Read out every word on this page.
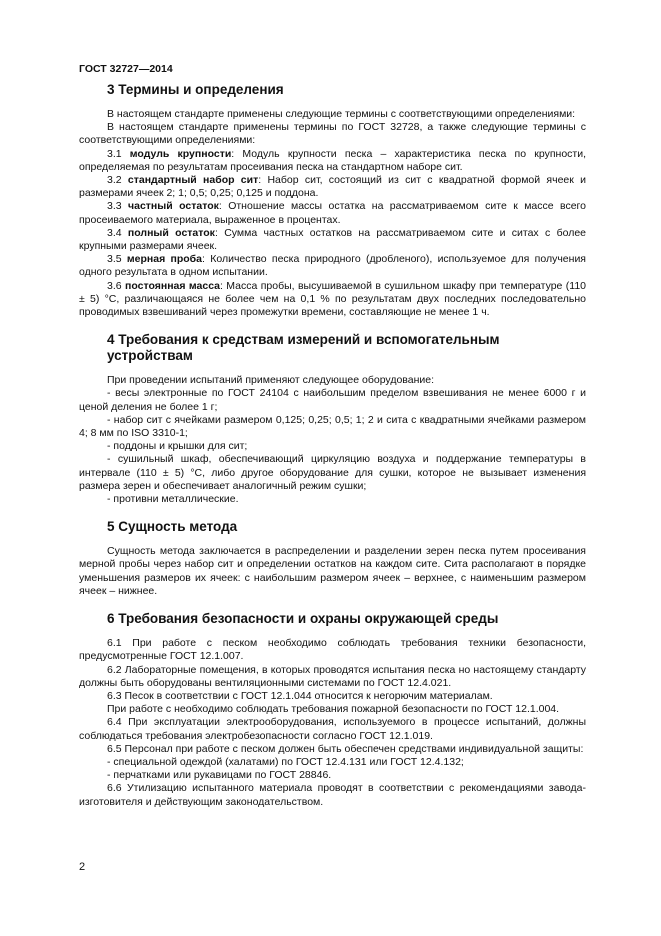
ГОСТ 32727—2014
3 Термины и определения

В настоящем стандарте применены следующие термины с соответствующими определениями:

В настоящем стандарте применены термины по ГОСТ 32728, а также следующие термины с соответствующими определениями:

3.1 модуль крупности: Модуль крупности песка – характеристика песка по крупности, определяемая по результатам просеивания песка на стандартном наборе сит.

3.2 стандартный набор сит: Набор сит, состоящий из сит с квадратной формой ячеек и размерами ячеек 2; 1; 0,5; 0,25; 0,125 и поддона.

3.3 частный остаток: Отношение массы остатка на рассматриваемом сите к массе всего просеиваемого материала, выраженное в процентах.

3.4 полный остаток: Сумма частных остатков на рассматриваемом сите и ситах с более крупными размерами ячеек.

3.5 мерная проба: Количество песка природного (дробленого), используемое для получения одного результата в одном испытании.

3.6 постоянная масса: Масса пробы, высушиваемой в сушильном шкафу при температуре (110 ± 5) °С, различающаяся не более чем на 0,1 % по результатам двух последних последовательно проводимых взвешиваний через промежутки времени, составляющие не менее 1 ч.

4 Требования к средствам измерений и вспомогательным устройствам

При проведении испытаний применяют следующее оборудование:

- весы электронные по ГОСТ 24104 с наибольшим пределом взвешивания не менее 6000 г и ценой деления не более 1 г;

- набор сит с ячейками размером 0,125; 0,25; 0,5; 1; 2 и сита с квадратными ячейками размером 4; 8 мм по ISO 3310-1;

- поддоны и крышки для сит;

- сушильный шкаф, обеспечивающий циркуляцию воздуха и поддержание температуры в интервале (110 ± 5) °С, либо другое оборудование для сушки, которое не вызывает изменения размера зерен и обеспечивает аналогичный режим сушки;

- противни металлические.

5 Сущность метода

Сущность метода заключается в распределении и разделении зерен песка путем просеивания мерной пробы через набор сит и определении остатков на каждом сите. Сита располагают в порядке уменьшения размеров их ячеек: с наибольшим размером ячеек – верхнее, с наименьшим размером ячеек – нижнее.

6 Требования безопасности и охраны окружающей среды

6.1 При работе с песком необходимо соблюдать требования техники безопасности, предусмотренные ГОСТ 12.1.007.

6.2 Лабораторные помещения, в которых проводятся испытания песка но настоящему стандарту должны быть оборудованы вентиляционными системами по ГОСТ 12.4.021.

6.3 Песок в соответствии с ГОСТ 12.1.044 относится к негорючим материалам.

При работе с необходимо соблюдать требования пожарной безопасности по ГОСТ 12.1.004.

6.4 При эксплуатации электрооборудования, используемого в процессе испытаний, должны соблюдаться требования электробезопасности согласно ГОСТ 12.1.019.

6.5 Персонал при работе с песком должен быть обеспечен средствами индивидуальной защиты:

- специальной одеждой (халатами) по ГОСТ 12.4.131 или ГОСТ 12.4.132;

- перчатками или рукавицами по ГОСТ 28846.

6.6 Утилизацию испытанного материала проводят в соответствии с рекомендациями завода-изготовителя и действующим законодательством.

2
